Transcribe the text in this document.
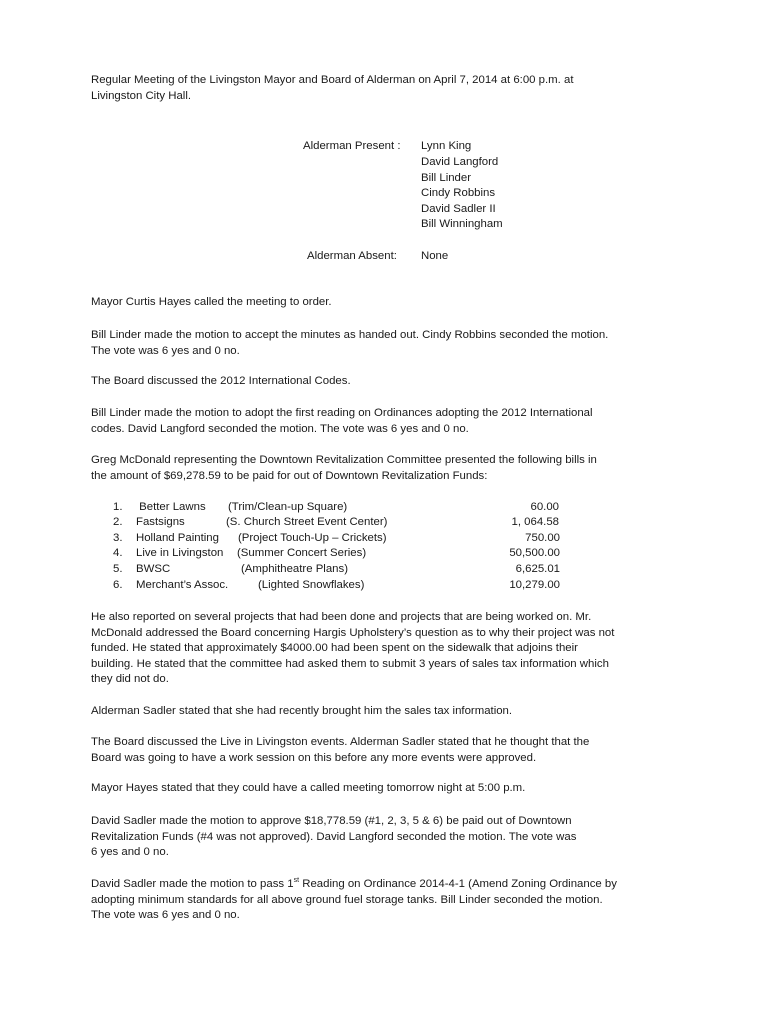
Regular Meeting of the Livingston Mayor and Board of Alderman on April 7, 2014 at 6:00 p.m. at
Livingston City Hall.
Alderman Present : Lynn King
David Langford
Bill Linder
Cindy Robbins
David Sadler II
Bill Winningham
Alderman Absent: None
Mayor Curtis Hayes called the meeting to order.
Bill Linder made the motion to accept the minutes as handed out. Cindy Robbins seconded the motion.
The vote was 6 yes and 0 no.
The Board discussed the 2012 International Codes.
Bill Linder made the motion to adopt the first reading on Ordinances adopting the 2012 International
codes. David Langford seconded the motion. The vote was 6 yes and 0 no.
Greg McDonald representing the Downtown Revitalization Committee presented the following bills in
the amount of $69,278.59 to be paid for out of Downtown Revitalization Funds:
1. Better Lawns (Trim/Clean-up Square)	60.00
2. Fastsigns	(S. Church Street Event Center)	1, 064.58
3. Holland Painting (Project Touch-Up – Crickets)	750.00
4. Live in Livingston (Summer Concert Series)	50,500.00
5. BWSC	(Amphitheatre Plans)	6,625.01
6. Merchant’s Assoc.	(Lighted Snowflakes)	10,279.00
He also reported on several projects that had been done and projects that are being worked on. Mr.
McDonald addressed the Board concerning Hargis Upholstery’s question as to why their project was not
funded. He stated that approximately $4000.00 had been spent on the sidewalk that adjoins their
building. He stated that the committee had asked them to submit 3 years of sales tax information which
they did not do.
Alderman Sadler stated that she had recently brought him the sales tax information.
The Board discussed the Live in Livingston events. Alderman Sadler stated that he thought that the
Board was going to have a work session on this before any more events were approved.
Mayor Hayes stated that they could have a called meeting tomorrow night at 5:00 p.m.
David Sadler made the motion to approve $18,778.59 (#1, 2, 3, 5 & 6) be paid out of Downtown
Revitalization Funds (#4 was not approved). David Langford seconded the motion. The vote was
6 yes and 0 no.
David Sadler made the motion to pass 1st Reading on Ordinance 2014-4-1 (Amend Zoning Ordinance by
adopting minimum standards for all above ground fuel storage tanks. Bill Linder seconded the motion.
The vote was 6 yes and 0 no.
